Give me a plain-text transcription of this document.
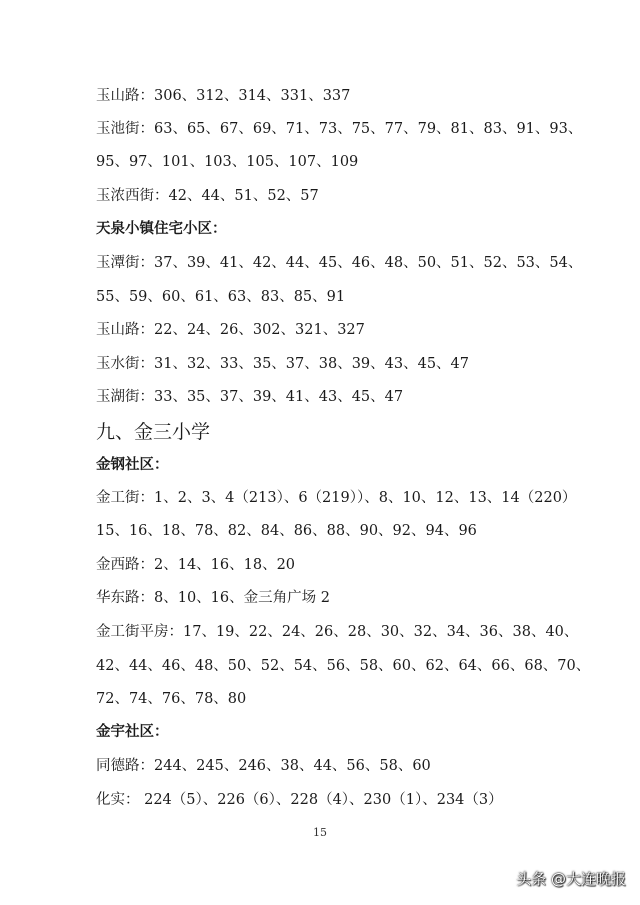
玉山路：306、312、314、331、337
玉池街：63、65、67、69、71、73、75、77、79、81、83、91、93、
95、97、101、103、105、107、109
玉浓西街：42、44、51、52、57
天泉小镇住宅小区：
玉潭街：37、39、41、42、44、45、46、48、50、51、52、53、54、
55、59、60、61、63、83、85、91
玉山路：22、24、26、302、321、327
玉水街：31、32、33、35、37、38、39、43、45、47
玉湖街：33、35、37、39、41、43、45、47
九、金三小学
金钢社区：
金工街：1、2、3、4（213）、6（219））、8、10、12、13、14（220）
15、16、18、78、82、84、86、88、90、92、94、96
金西路：2、14、16、18、20
华东路：8、10、16、金三角广场 2
金工街平房：17、19、22、24、26、28、30、32、34、36、38、40、
42、44、46、48、50、52、54、56、58、60、62、64、66、68、70、
72、74、76、78、80
金宇社区：
同德路：244、245、246、38、44、56、58、60
化实： 224（5）、226（6）、228（4）、230（1）、234（3）
15
头条 @大连晚报
